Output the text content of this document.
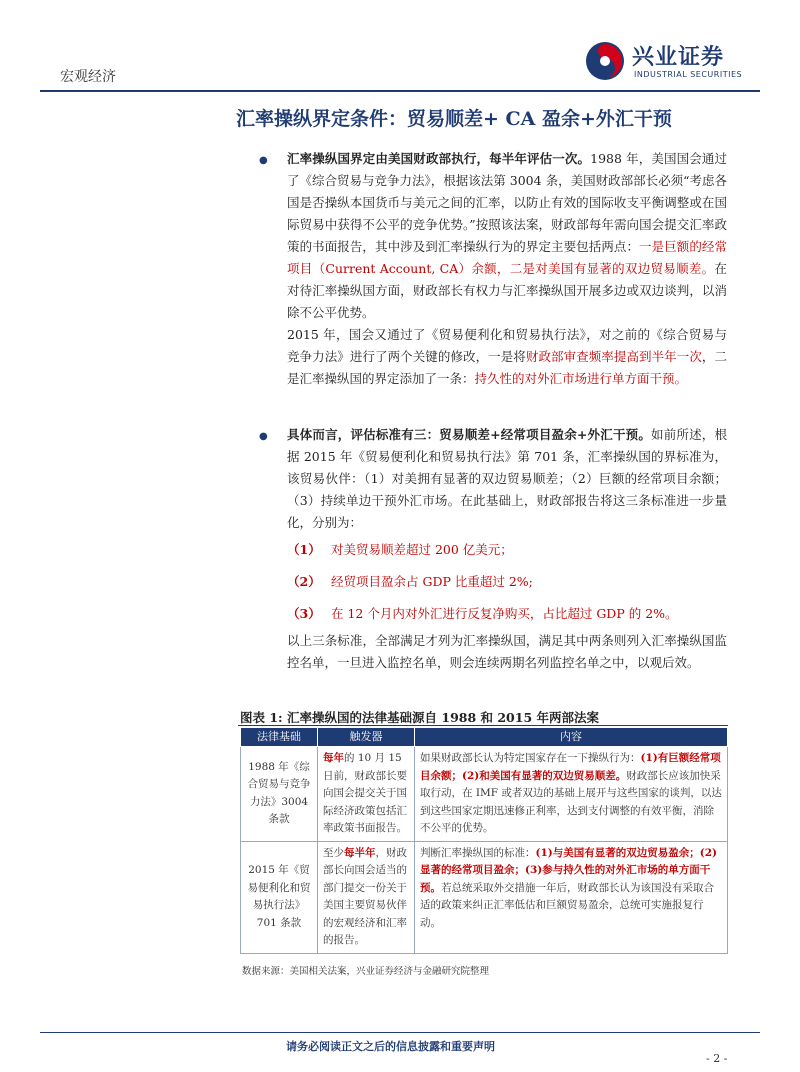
宏观经济
兴业证券
INDUSTRIAL SECURITIES
汇率操纵界定条件：贸易顺差+ CA 盈余+外汇干预
● 汇率操纵国界定由美国财政部执行，每半年评估一次。1988 年，美国国会通过了《综合贸易与竞争力法》，根据该法第 3004 条，美国财政部部长必须“考虑各国是否操纵本国货币与美元之间的汇率，以防止有效的国际收支平衡调整或在国际贸易中获得不公平的竞争优势。”按照该法案，财政部每年需向国会提交汇率政策的书面报告，其中涉及到汇率操纵行为的界定主要包括两点：一是巨额的经常项目（Current Account, CA）余额，二是对美国有显著的双边贸易顺差。在对待汇率操纵国方面，财政部长有权力与汇率操纵国开展多边或双边谈判，以消除不公平优势。
2015 年，国会又通过了《贸易便利化和贸易执行法》，对之前的《综合贸易与竞争力法》进行了两个关键的修改，一是将财政部审查频率提高到半年一次，二是汇率操纵国的界定添加了一条：持久性的对外汇市场进行单方面干预。
● 具体而言，评估标准有三：贸易顺差+经常项目盈余+外汇干预。如前所述，根据 2015 年《贸易便利化和贸易执行法》第 701 条，汇率操纵国的界标准为，该贸易伙伴：（1）对美拥有显著的双边贸易顺差；（2）巨额的经常项目余额；（3）持续单边干预外汇市场。在此基础上，财政部报告将这三条标准进一步量化，分别为：
（1） 对美贸易顺差超过 200 亿美元；
（2） 经贸项目盈余占 GDP 比重超过 2%;
（3） 在 12 个月内对外汇进行反复净购买，占比超过 GDP 的 2%。
以上三条标准，全部满足才列为汇率操纵国，满足其中两条则列入汇率操纵国监控名单，一旦进入监控名单，则会连续两期名列监控名单之中，以观后效。
图表 1: 汇率操纵国的法律基础源自 1988 和 2015 年两部法案
法律基础	触发器	内容
1988 年《综合贸易与竞争力法》3004 条款	每年的 10 月 15 日前，财政部长要向国会提交关于国际经济政策包括汇率政策书面报告。	如果财政部长认为特定国家存在一下操纵行为：(1)有巨额经常项目余额；(2)和美国有显著的双边贸易顺差。财政部长应该加快采取行动，在 IMF 或者双边的基础上展开与这些国家的谈判，以达到这些国家定期迅速修正利率，达到支付调整的有效平衡，消除不公平的优势。
2015 年《贸易便利化和贸易执行法》701 条款	至少每半年，财政部长向国会适当的部门提交一份关于美国主要贸易伙伴的宏观经济和汇率的报告。	判断汇率操纵国的标准：(1)与美国有显著的双边贸易盈余；(2)显著的经常项目盈余；(3)参与持久性的对外汇市场的单方面干预。若总统采取外交措施一年后，财政部长认为该国没有采取合适的政策来纠正汇率低估和巨额贸易盈余，总统可实施报复行动。
数据来源：美国相关法案，兴业证券经济与金融研究院整理
请务必阅读正文之后的信息披露和重要声明
- 2 -
